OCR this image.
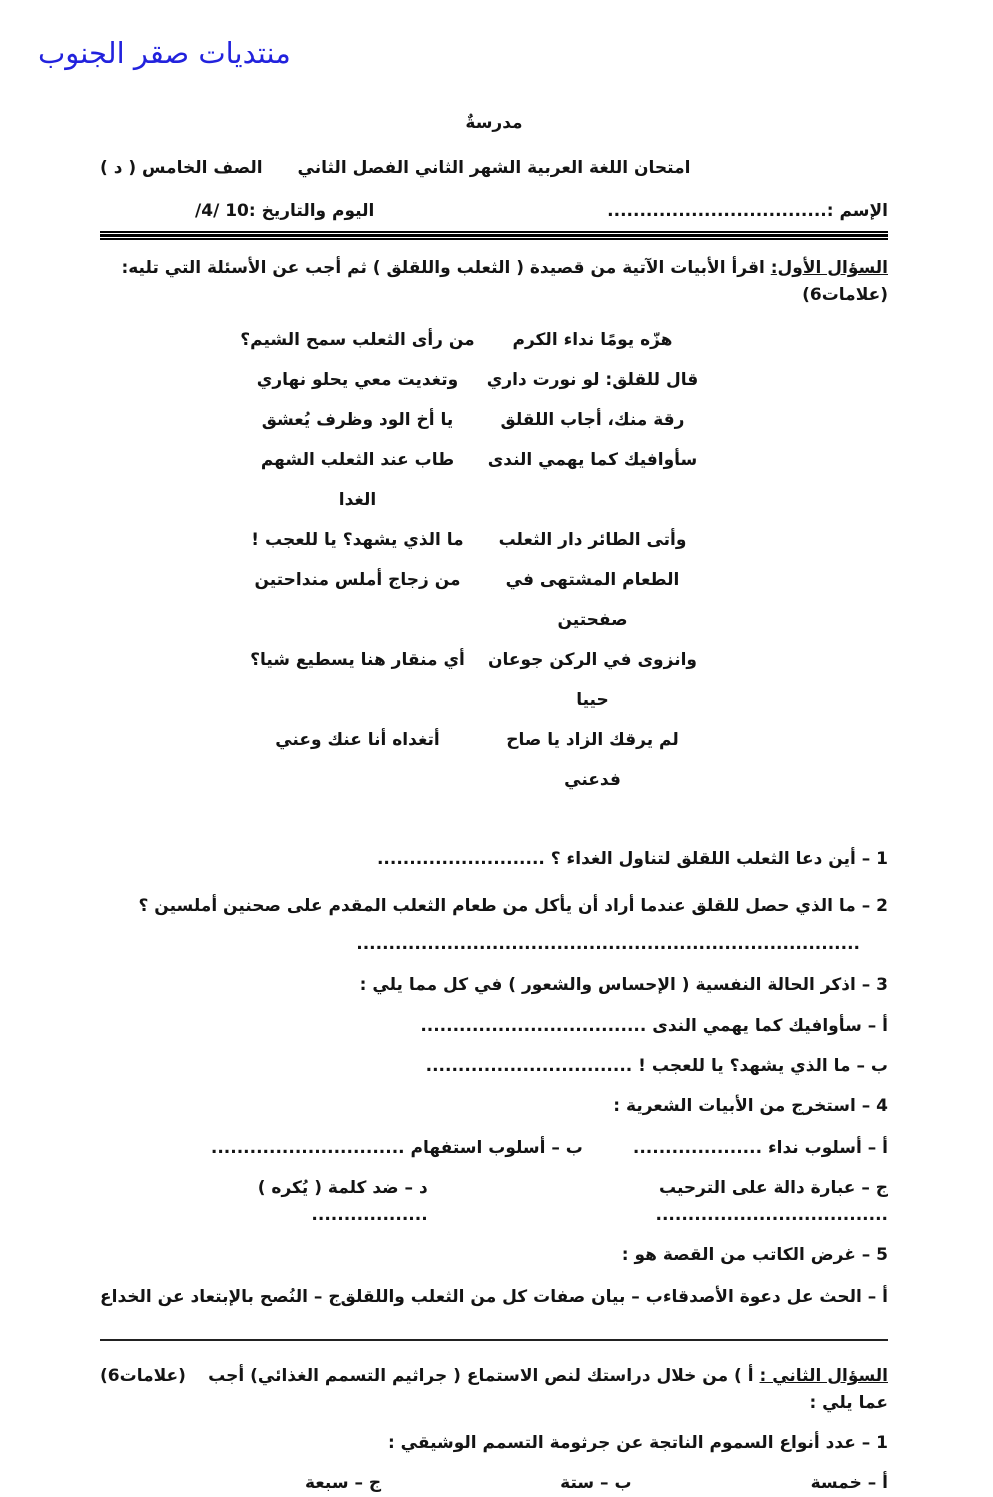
منتديات صقر الجنوب
مدرسةٌ
امتحان اللغة العربية الشهر الثاني الفصل الثاني
الصف الخامس ( د )
الإسم :..................................
اليوم والتاريخ :10 /4/
السؤال الأول: اقرأ الأبيات الآتية من قصيدة ( الثعلب واللقلق ) ثم أجب عن الأسئلة التي تليه:
(6علامات)
هزّه يومًا نداء الكرم
من رأى الثعلب سمح الشيم؟
قال للقلق: لو نورت داري
وتغديت معي يحلو نهاري
رقة منك، أجاب اللقلق
يا أخ الود وظرف يُعشق
سأوافيك كما يهمي الندى
طاب عند الثعلب الشهم الغدا
وأتى الطائر دار الثعلب
ما الذي يشهد؟ يا للعجب !
الطعام المشتهى في صفحتين
من زجاج أملس منداحتين
وانزوى في الركن جوعان حييا
أي منقار هنا يسطيع شيا؟
لم يرقك الزاد يا صاح فدعني
أتغداه أنا عنك وعني
1 – أين دعا الثعلب اللقلق لتناول الغداء ؟ ..........................
2 – ما الذي حصل للقلق عندما أراد أن يأكل من طعام الثعلب المقدم على صحنين أملسين ؟
..............................................................................
3 – اذكر الحالة النفسية ( الإحساس والشعور ) في كل مما يلي :
أ – سأوافيك كما يهمي الندى ...................................
ب – ما الذي يشهد؟ يا للعجب ! ................................
4 – استخرج من الأبيات الشعرية :
أ – أسلوب نداء ....................
ب – أسلوب استفهام ..............................
ج – عبارة دالة على الترحيب ....................................
د – ضد كلمة ( يُكره ) ..................
5 – غرض الكاتب من القصة هو :
أ – الحث عل دعوة الأصدقاء
ب – بيان صفات كل من الثعلب واللقلق
ج – النُصح بالإبتعاد عن الخداع
السؤال الثاني : أ ) من خلال دراستك لنص الاستماع ( جراثيم التسمم الغذائي) أجب عما يلي :
(6علامات)
1 – عدد أنواع السموم الناتجة عن جرثومة التسمم الوشيقي :
أ – خمسة
ب – ستة
ج – سبعة
